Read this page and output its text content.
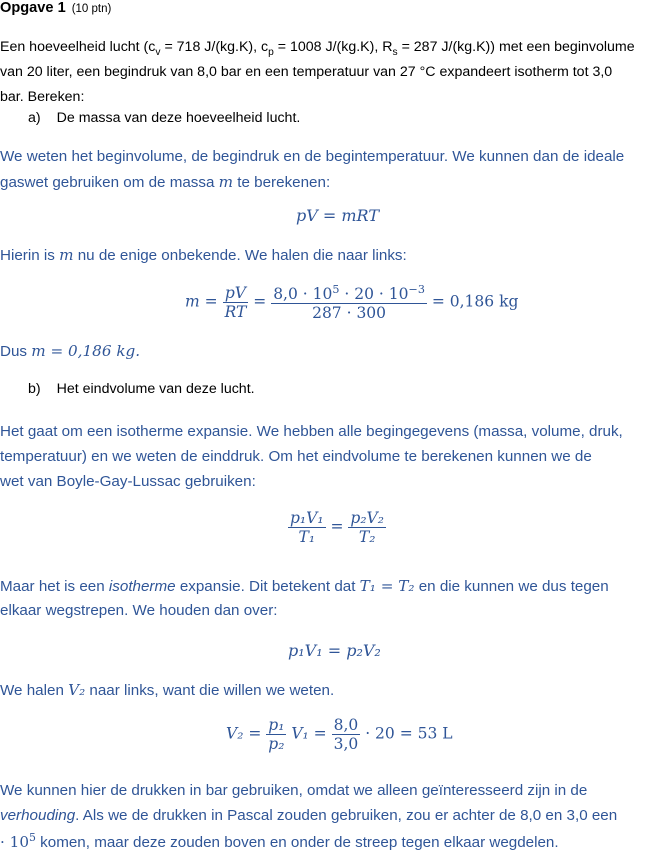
Opgave 1 (10 ptn)
Een hoeveelheid lucht ($c_v = 718$ J/(kg.K), $c_p = 1008$ J/(kg.K), $R_s = 287$ J/(kg.K)) met een beginvolume
van 20 liter, een begindruk van 8,0 bar en een temperatuur van 27 °C expandeert isotherm tot 3,0
bar. Bereken:
a) De massa van deze hoeveelheid lucht.
We weten het beginvolume, de begindruk en de begintemperatuur. We kunnen dan de ideale
gaswet gebruiken om de massa m te berekenen:
pV = mRT
Hierin is m nu de enige onbekende. We halen die naar links:
$m = \frac{pV}{RT} = \frac{8,0 \cdot 10^5 \cdot 20 \cdot 10^{-3}}{287 \cdot 300} = 0,186$ kg
Dus m = 0,186 kg.
b) Het eindvolume van deze lucht.
Het gaat om een isotherme expansie. We hebben alle begingegevens (massa, volume, druk,
temperatuur) en we weten de einddruk. Om het eindvolume te berekenen kunnen we de
wet van Boyle-Gay-Lussac gebruiken:
$\frac{\text{p₁V₁}}{\text{T₁}} = \frac{\text{p₂V₂}}{\text{T₂}}$
Maar het is een isotherme expansie. Dit betekent dat T₁ = T₂ en die kunnen we dus tegen
elkaar wegstrepen. We houden dan over:
p₁V₁ = p₂V₂
We halen V₂ naar links, want die willen we weten.
$V_2 = \frac{\text{p₁}}{\text{p₂}} V_1 = \frac{8,0}{3,0} \cdot 20 = 53$ L
We kunnen hier de drukken in bar gebruiken, omdat we alleen geïnteresseerd zijn in de
verhouding. Als we de drukken in Pascal zouden gebruiken, zou er achter de 8,0 en 3,0 een
· $10^5$ komen, maar deze zouden boven en onder de streep tegen elkaar wegdelen.
